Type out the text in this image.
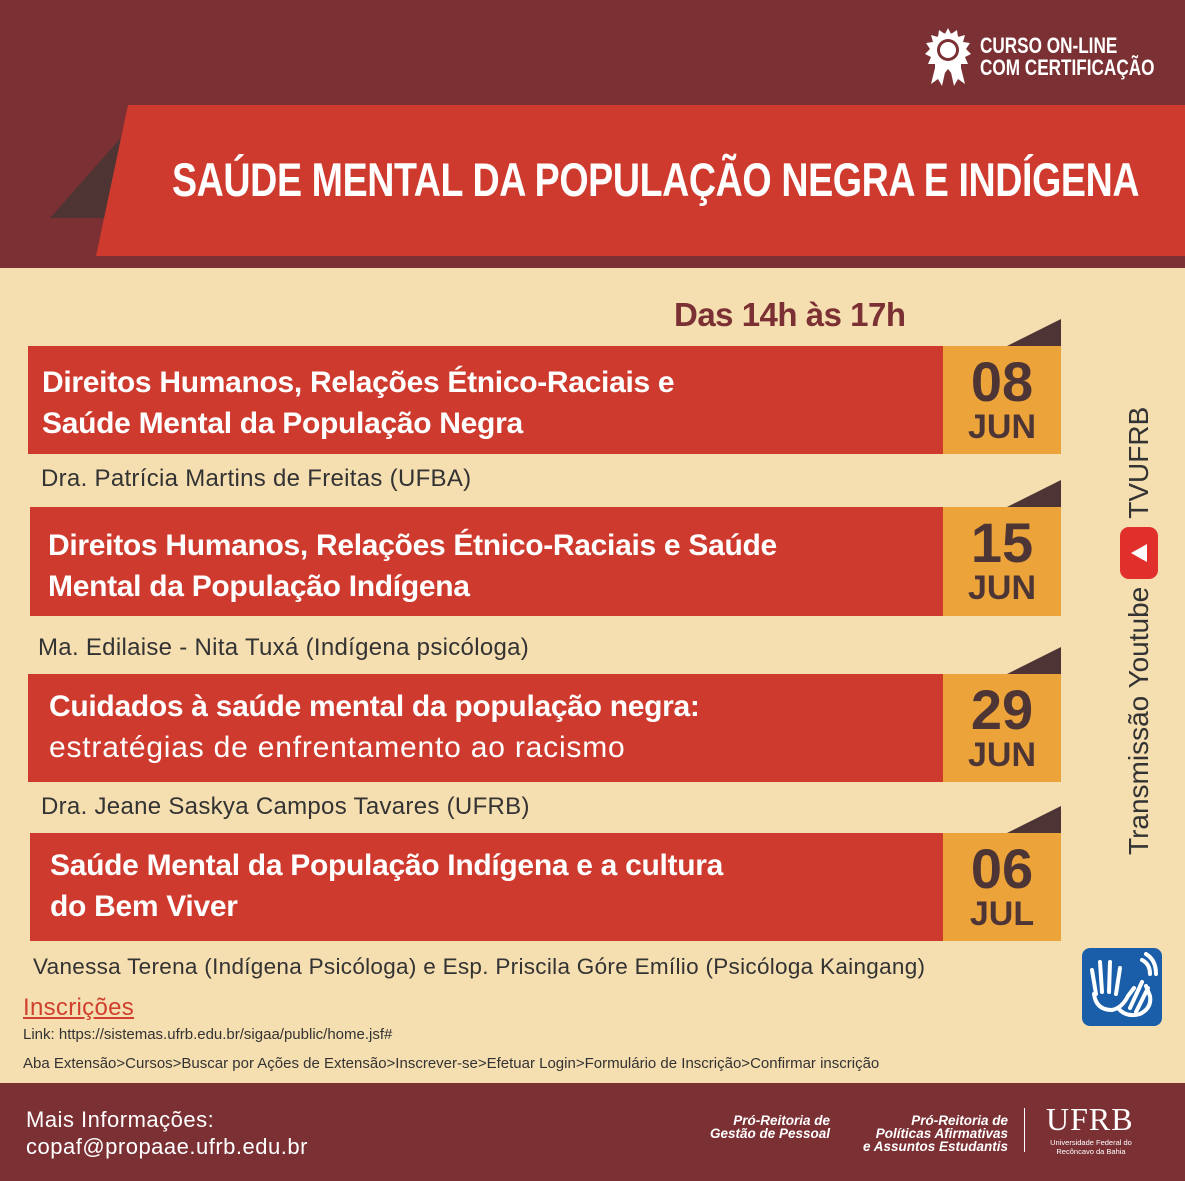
SAÚDE MENTAL DA POPULAÇÃO NEGRA E INDÍGENA
CURSO ON-LINE
COM CERTIFICAÇÃO
Das 14h às 17h
Direitos Humanos, Relações Étnico-Raciais e
Saúde Mental da População Negra
08
JUN
Dra. Patrícia Martins de Freitas (UFBA)
Direitos Humanos, Relações Étnico-Raciais e Saúde
Mental da População Indígena
15
JUN
Ma. Edilaise - Nita Tuxá (Indígena psicóloga)
Cuidados à saúde mental da população negra:
estratégias de enfrentamento ao racismo
29
JUN
Dra. Jeane Saskya Campos Tavares (UFRB)
Saúde Mental da População Indígena e a cultura
do Bem Viver
06
JUL
Vanessa Terena (Indígena Psicóloga) e Esp. Priscila Góre Emílio (Psicóloga Kaingang)
Transmissão Youtube
TVUFRB
Inscrições
Link: https://sistemas.ufrb.edu.br/sigaa/public/home.jsf#
Aba Extensão>Cursos>Buscar por Ações de Extensão>Inscrever-se>Efetuar Login>Formulário de Inscrição>Confirmar inscrição
Mais Informações:
copaf@propaae.ufrb.edu.br
Pró-Reitoria de
Gestão de Pessoal
Pró-Reitoria de
Políticas Afirmativas
e Assuntos Estudantis
UFRB
Universidade Federal do
Recôncavo da Bahia
